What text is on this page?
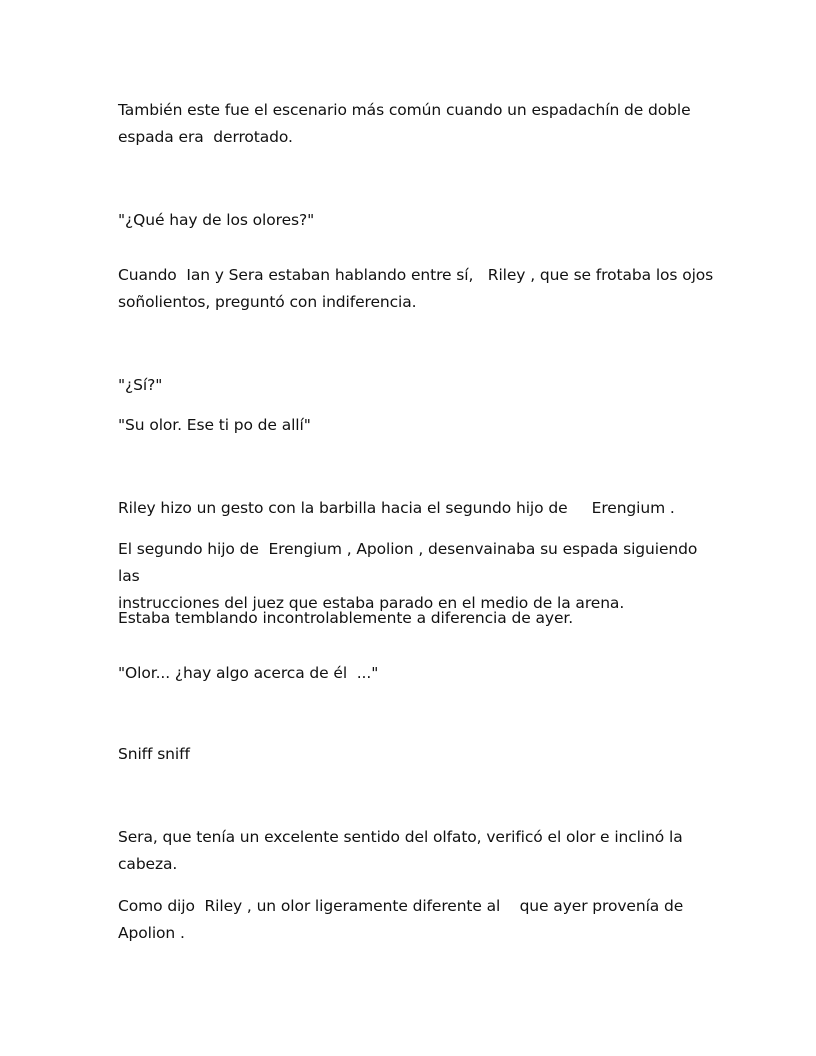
También este fue el escenario más común cuando un espadachín de doble
espada era  derrotado.

"¿Qué hay de los olores?"

Cuando  Ian y Sera estaban hablando entre sí,   Riley , que se frotaba los ojos
soñolientos, preguntó con indiferencia.

"¿Sí?"

"Su olor. Ese ti po de allí"

Riley hizo un gesto con la barbilla hacia el segundo hijo de     Erengium .

El segundo hijo de  Erengium , Apolion , desenvainaba su espada siguiendo las
instrucciones del juez que estaba parado en el medio de la arena.

Estaba temblando incontrolablemente a diferencia de ayer.

"Olor... ¿hay algo acerca de él  ..."

Sniff sniff

Sera, que tenía un excelente sentido del olfato, verificó el olor e inclinó la
cabeza.

Como dijo  Riley , un olor ligeramente diferente al    que ayer provenía de
Apolion .
